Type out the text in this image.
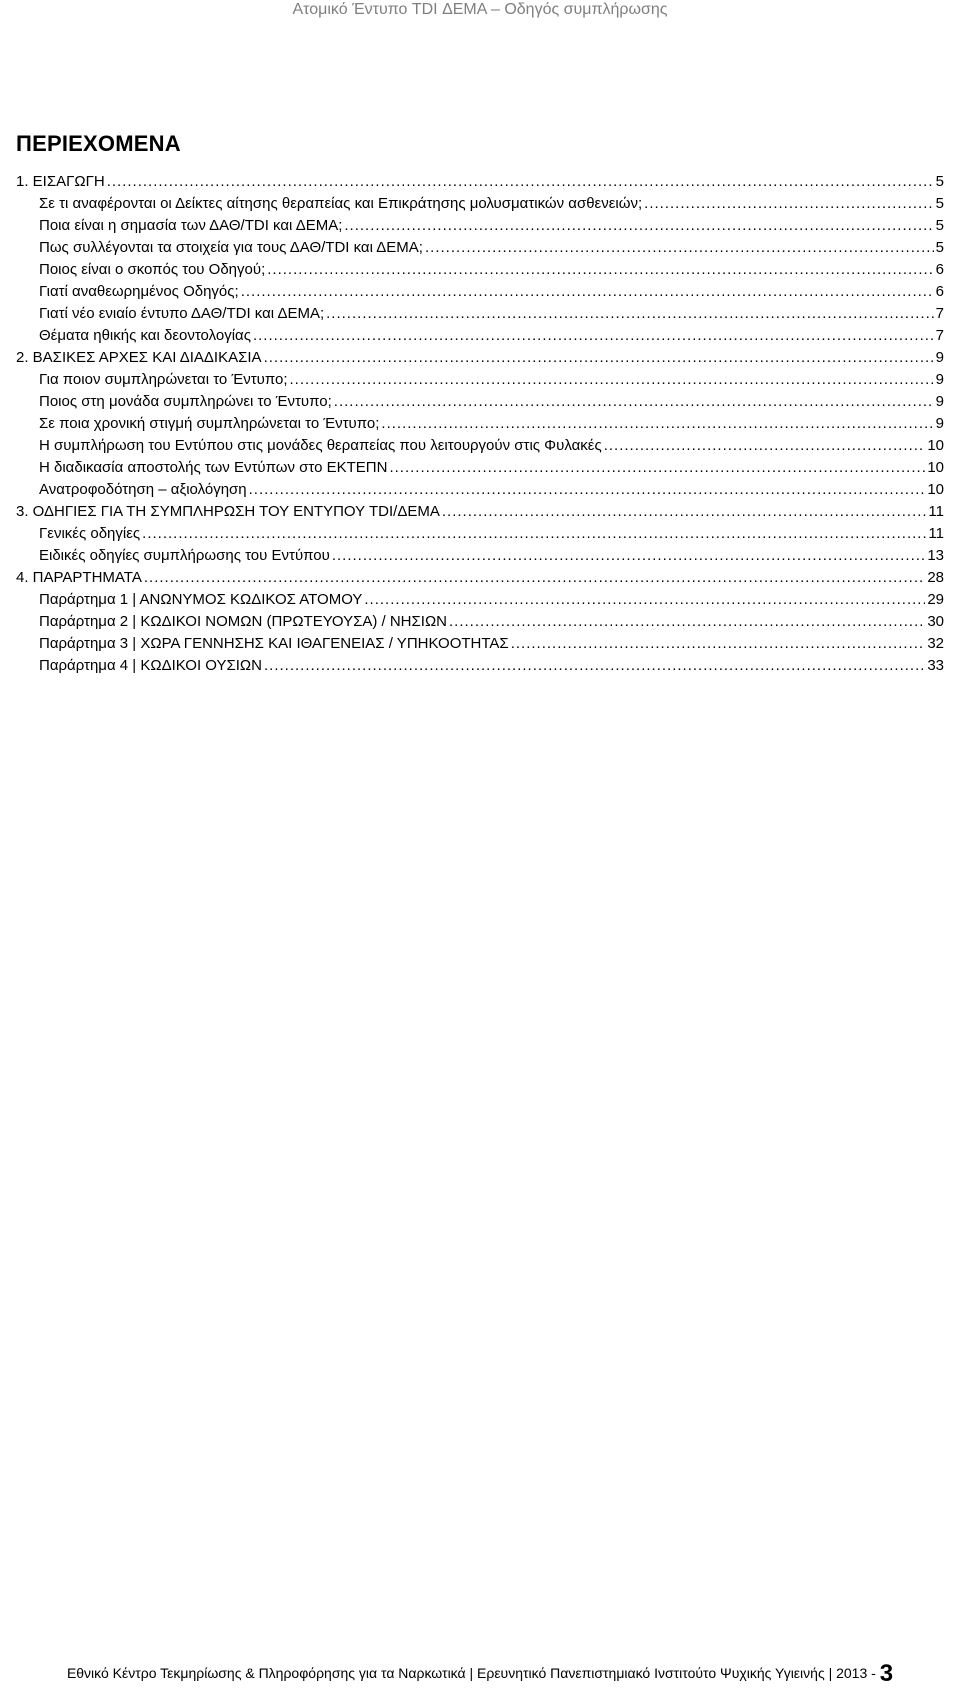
Ατομικό Έντυπο TDI ΔΕΜΑ – Οδηγός συμπλήρωσης
ΠΕΡΙΕΧΟΜΕΝΑ
1. ΕΙΣΑΓΩΓΗ .....	5
Σε τι αναφέρονται οι Δείκτες αίτησης θεραπείας και Επικράτησης μολυσματικών ασθενειών; .....	5
Ποια είναι η σημασία των ΔΑΘ/TDI και ΔΕΜΑ; .....	5
Πως συλλέγονται τα στοιχεία για τους ΔΑΘ/TDI και ΔΕΜΑ; .....	5
Ποιος είναι ο σκοπός του Οδηγού; .....	6
Γιατί αναθεωρημένος Οδηγός; .....	6
Γιατί νέο ενιαίο έντυπο ΔΑΘ/TDI και ΔΕΜΑ; .....	7
Θέματα ηθικής και δεοντολογίας .....	7
2. ΒΑΣΙΚΕΣ ΑΡΧΕΣ ΚΑΙ ΔΙΑΔΙΚΑΣΙΑ .....	9
Για ποιον συμπληρώνεται το Έντυπο; .....	9
Ποιος στη μονάδα συμπληρώνει το Έντυπο; .....	9
Σε ποια χρονική στιγμή συμπληρώνεται το Έντυπο; .....	9
Η συμπλήρωση του Εντύπου στις μονάδες θεραπείας που λειτουργούν στις Φυλακές .....	10
Η διαδικασία αποστολής των Εντύπων στο ΕΚΤΕΠΝ .....	10
Ανατροφοδότηση – αξιολόγηση .....	10
3. ΟΔΗΓΙΕΣ ΓΙΑ ΤΗ ΣΥΜΠΛΗΡΩΣΗ ΤΟΥ ΕΝΤΥΠΟΥ TDI/ΔΕΜΑ .....	11
Γενικές οδηγίες .....	11
Ειδικές οδηγίες συμπλήρωσης του Εντύπου .....	13
4. ΠΑΡΑΡΤΗΜΑΤΑ .....	28
Παράρτημα 1 | ΑΝΩΝΥΜΟΣ ΚΩΔΙΚΟΣ ΑΤΟΜΟΥ .....	29
Παράρτημα 2 | ΚΩΔΙΚΟΙ ΝΟΜΩΝ (ΠΡΩΤΕΥΟΥΣΑ) / ΝΗΣΙΩΝ .....	30
Παράρτημα 3 | ΧΩΡΑ ΓΕΝΝΗΣΗΣ ΚΑΙ ΙΘΑΓΕΝΕΙΑΣ / ΥΠΗΚΟΟΤΗΤΑΣ .....	32
Παράρτημα 4 | ΚΩΔΙΚΟΙ ΟΥΣΙΩΝ .....	33
Εθνικό Κέντρο Τεκμηρίωσης & Πληροφόρησης για τα Ναρκωτικά | Ερευνητικό Πανεπιστημιακό Ινστιτούτο Ψυχικής Υγιεινής | 2013 - 3
